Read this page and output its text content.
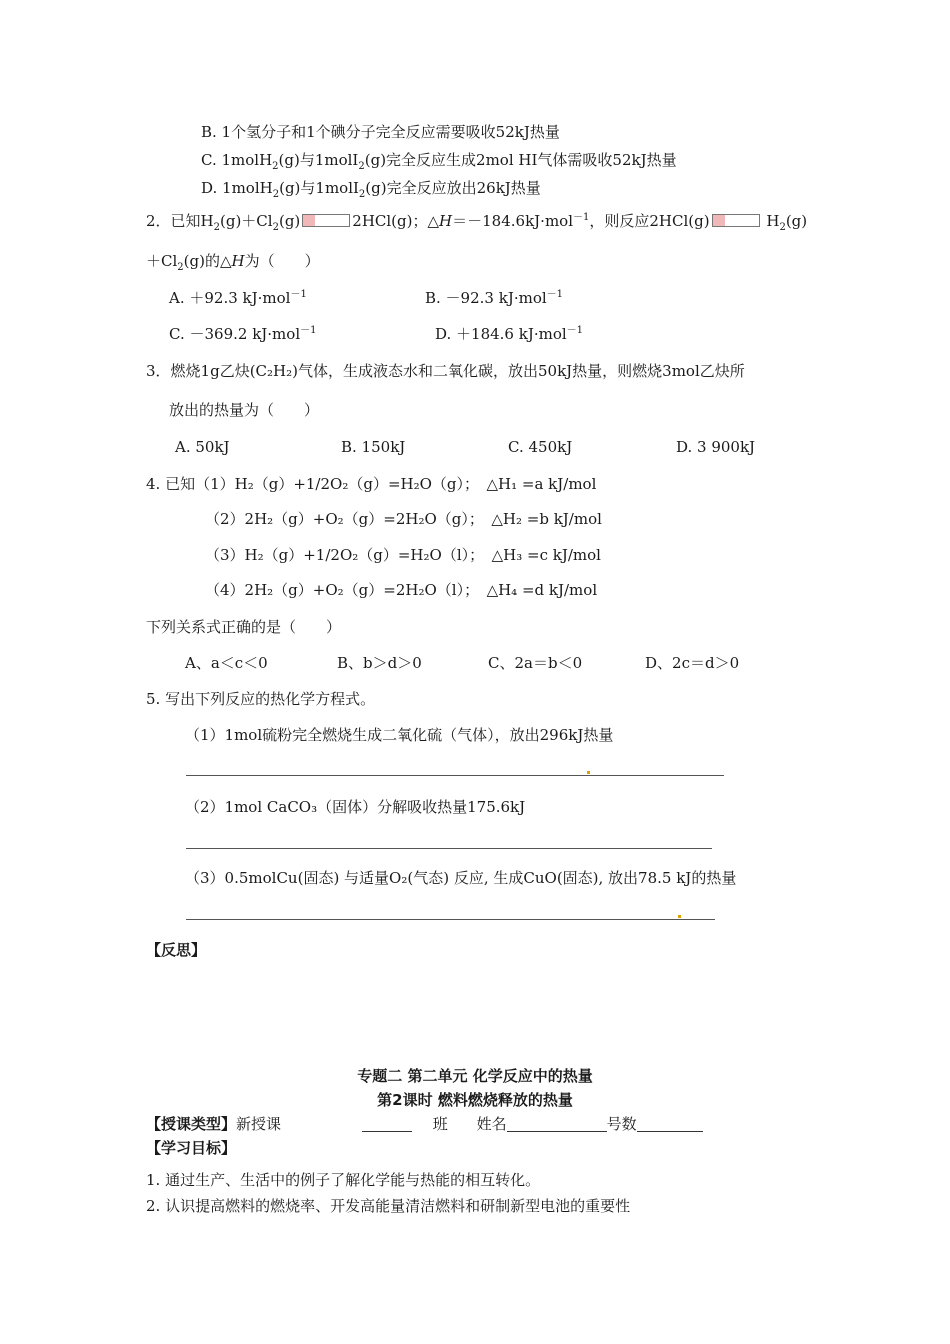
B. 1个氢分子和1个碘分子完全反应需要吸收52kJ热量
C. 1molH$_2$(g)与1molI$_2$(g)完全反应生成2mol HI气体需吸收52kJ热量
D. 1molH$_2$(g)与1molI$_2$(g)完全反应放出26kJ热量
2．已知$H_2(g)+Cl_2(g)$	2HCl(g)；△H＝－184.6kJ·mol$^{-1}$，则反应2HCl(g)	$H_2(g)$
$+Cl_2(g)$的△H为（　　）
A. ＋92.3 kJ·mol$^{-1}$	B. －92.3 kJ·mol$^{-1}$
C. －369.2 kJ·mol$^{-1}$	D. ＋184.6 kJ·mol$^{-1}$
3．燃烧1g乙炔(C₂H₂)气体，生成液态水和二氧化碳，放出50kJ热量，则燃烧3mol乙炔所
放出的热量为（　　）
A. 50kJ	B. 150kJ	C. 450kJ	D. 3 900kJ
4. 已知（1）H₂（g）+1/2O₂（g）=H₂O（g）；　△H₁ =a kJ/mol
（2）2H₂（g）+O₂（g）=2H₂O（g）；　△H₂ =b kJ/mol
（3）H₂（g）+1/2O₂（g）=H₂O（l）；　△H₃ =c kJ/mol
（4）2H₂（g）+O₂（g）=2H₂O（l）；　△H₄ =d kJ/mol
下列关系式正确的是（　　）
A、a＜c＜0	B、b＞d＞0	C、2a＝b＜0	D、2c＝d＞0
5. 写出下列反应的热化学方程式。
（1）1mol硫粉完全燃烧生成二氧化硫（气体），放出296kJ热量
（2）1mol CaCO₃（固体）分解吸收热量175.6kJ
（3）0.5molCu(固态) 与适量O₂(气态) 反应, 生成CuO(固态), 放出78.5 kJ的热量
【反思】
专题二 第二单元 化学反应中的热量
第2课时 燃料燃烧释放的热量
【授课类型】新授课	班 姓名	号数
【学习目标】
1. 通过生产、生活中的例子了解化学能与热能的相互转化。
2. 认识提高燃料的燃烧率、开发高能量清洁燃料和研制新型电池的重要性
